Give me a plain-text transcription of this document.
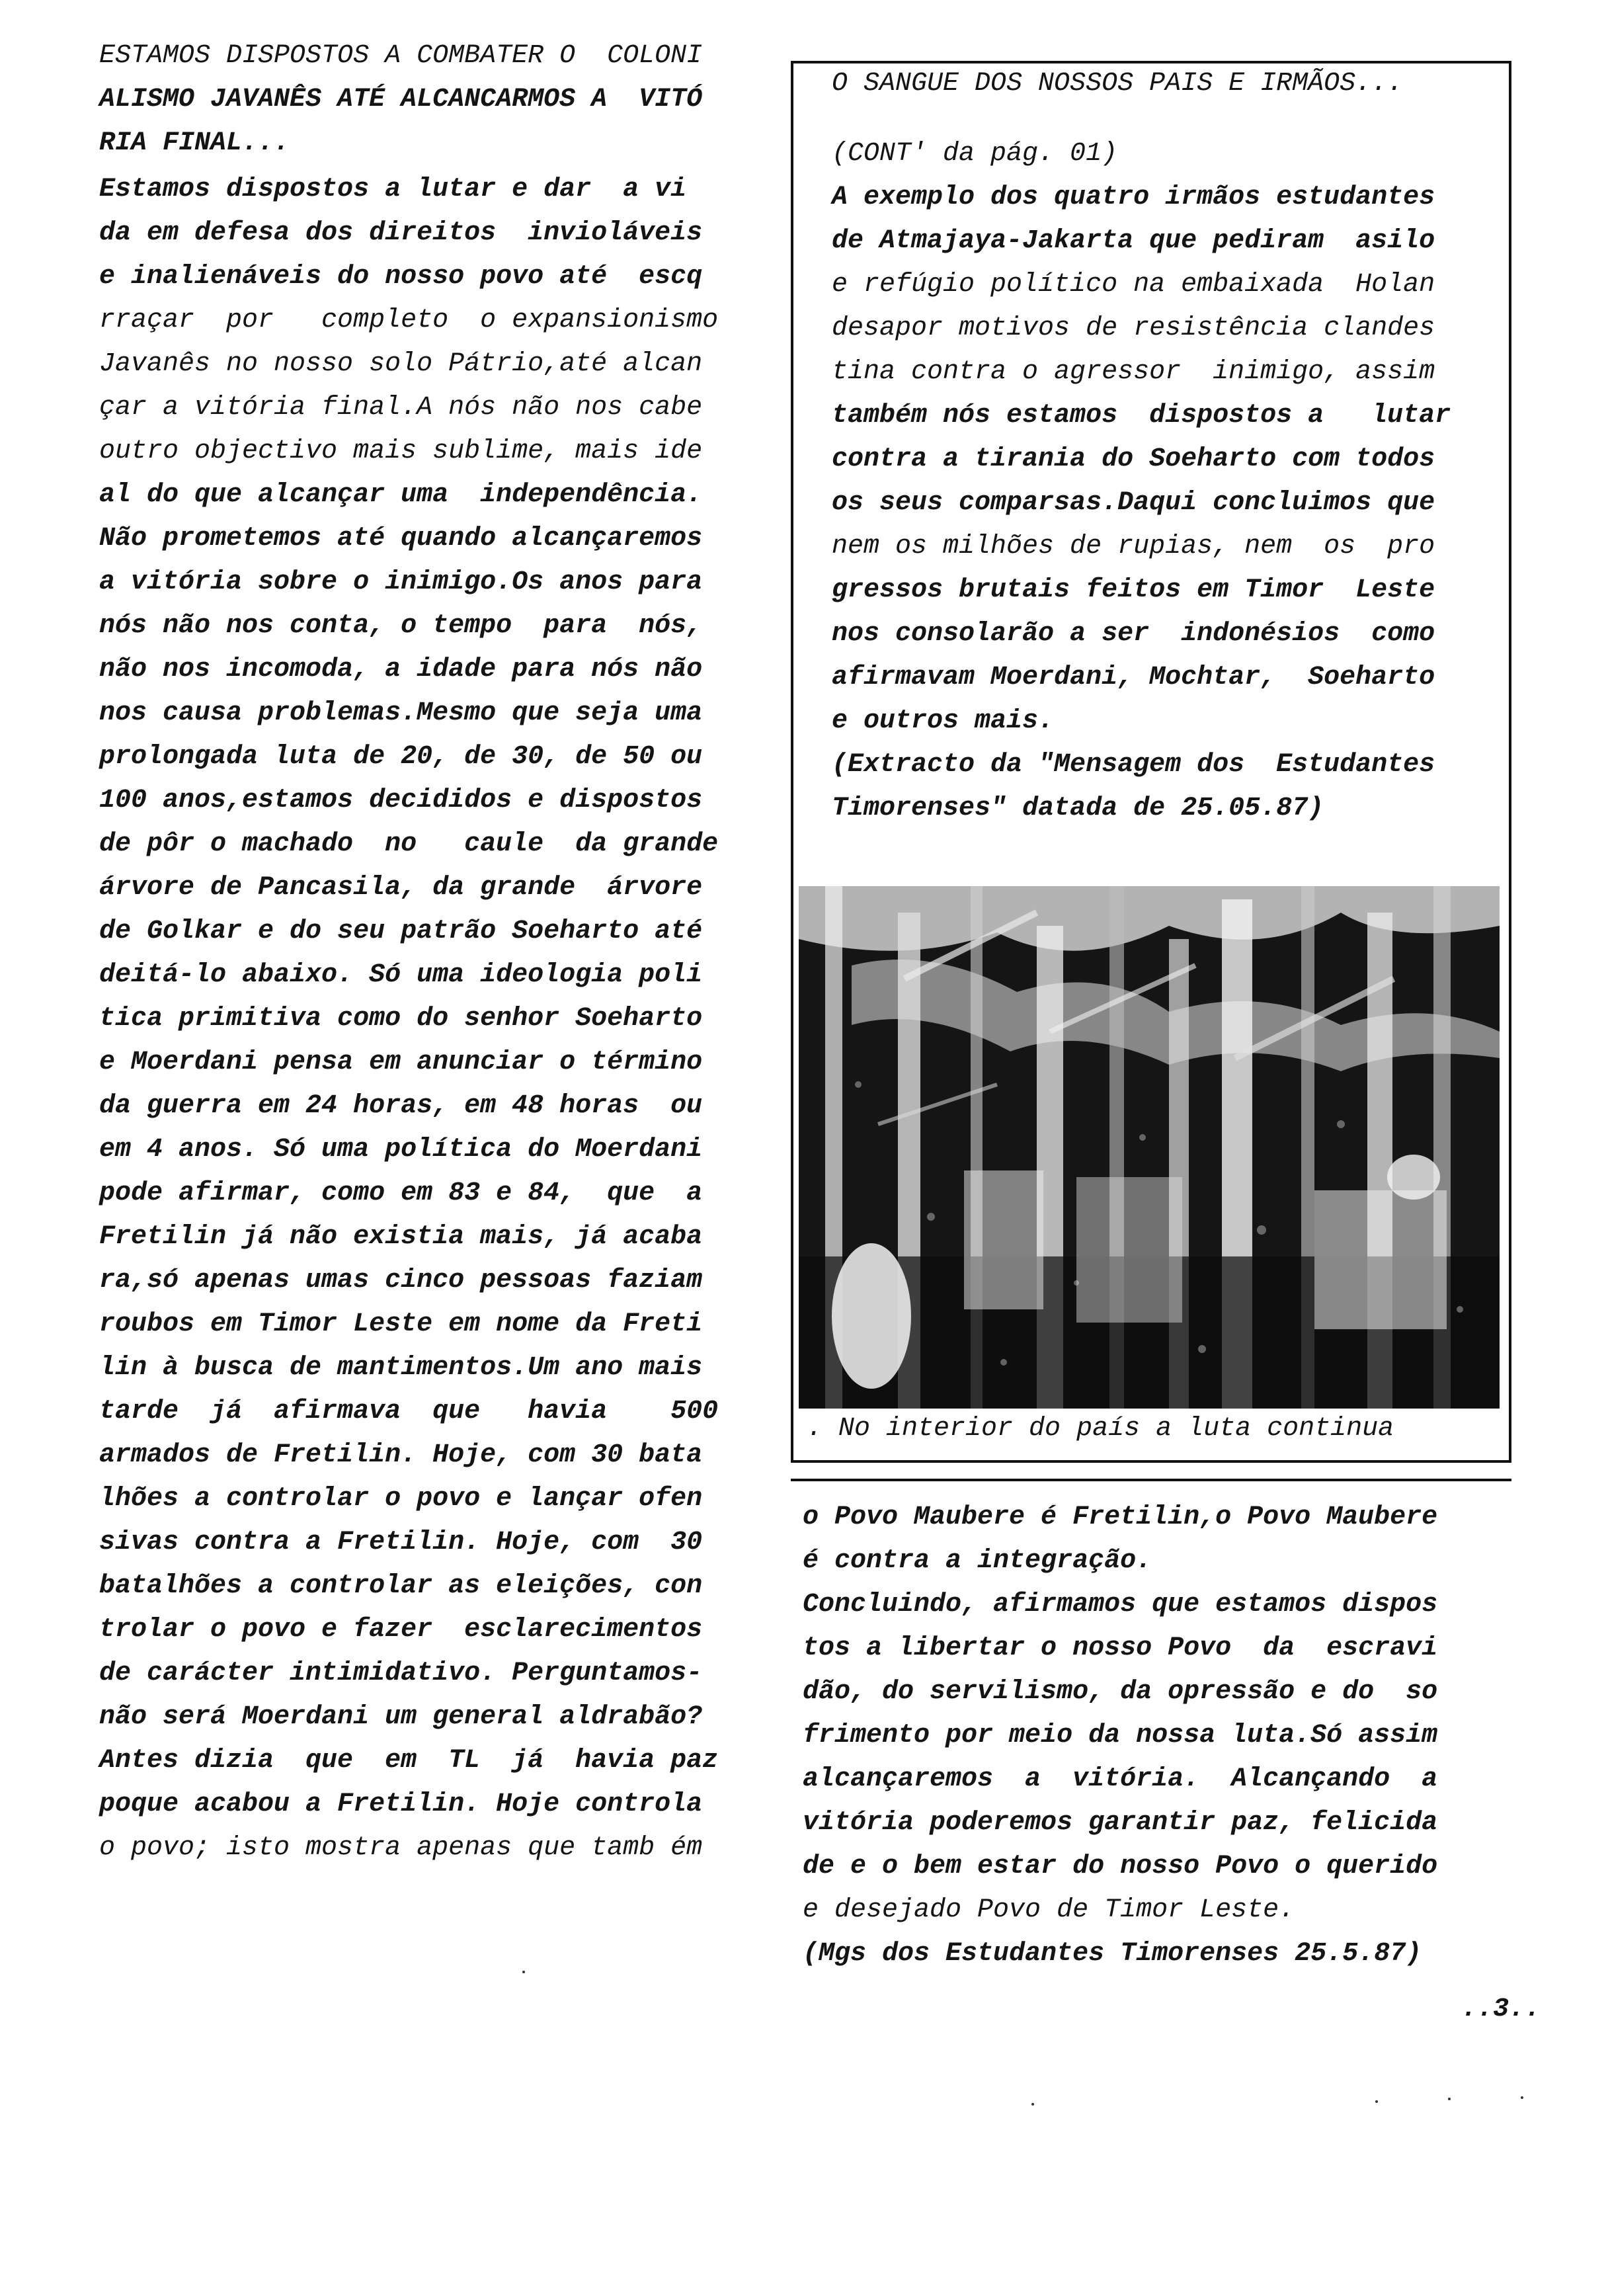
ESTAMOS DISPOSTOS A COMBATER O  COLONI
ALISMO JAVANÊS ATÉ ALCANCARMOS A  VITÓ
RIA FINAL...
Estamos dispostos a lutar e dar  a vi
da em defesa dos direitos  invioláveis
e inalienáveis do nosso povo até  escq
rraçar  por   completo  o expansionismo
Javanês no nosso solo Pátrio,até alcan
çar a vitória final.A nós não nos cabe
outro objectivo mais sublime, mais ide
al do que alcançar uma  independência.
Não prometemos até quando alcançaremos
a vitória sobre o inimigo.Os anos para
nós não nos conta, o tempo  para  nós,
não nos incomoda, a idade para nós não
nos causa problemas.Mesmo que seja uma
prolongada luta de 20, de 30, de 50 ou
100 anos,estamos decididos e dispostos
de pôr o machado  no   caule  da grande
árvore de Pancasila, da grande  árvore
de Golkar e do seu patrão Soeharto até
deitá-lo abaixo. Só uma ideologia poli
tica primitiva como do senhor Soeharto
e Moerdani pensa em anunciar o término
da guerra em 24 horas, em 48 horas  ou
em 4 anos. Só uma política do Moerdani
pode afirmar, como em 83 e 84,  que  a
Fretilin já não existia mais, já acaba
ra,só apenas umas cinco pessoas faziam
roubos em Timor Leste em nome da Freti
lin à busca de mantimentos.Um ano mais
tarde  já  afirmava  que   havia    500
armados de Fretilin. Hoje, com 30 bata
lhões a controlar o povo e lançar ofen
sivas contra a Fretilin. Hoje, com  30
batalhões a controlar as eleições, con
trolar o povo e fazer  esclarecimentos
de carácter intimidativo. Perguntamos-
não será Moerdani um general aldrabão?
Antes dizia  que  em  TL  já  havia paz
poque acabou a Fretilin. Hoje controla
o povo; isto mostra apenas que tamb ém
O SANGUE DOS NOSSOS PAIS E IRMÃOS...
(CONT' da pág. 01)
A exemplo dos quatro irmãos estudantes
de Atmajaya-Jakarta que pediram  asilo
e refúgio político na embaixada  Holan
desapor motivos de resistência clandes
tina contra o agressor  inimigo, assim
também nós estamos  dispostos a   lutar
contra a tirania do Soeharto com todos
os seus comparsas.Daqui concluimos que
nem os milhões de rupias, nem  os  pro
gressos brutais feitos em Timor  Leste
nos consolarão a ser  indonésios  como
afirmavam Moerdani, Mochtar,  Soeharto
e outros mais.
(Extracto da "Mensagem dos  Estudantes
Timorenses" datada de 25.05.87)
. No interior do país a luta continua
o Povo Maubere é Fretilin,o Povo Maubere
é contra a integração.
Concluindo, afirmamos que estamos dispos
tos a libertar o nosso Povo  da  escravi
dão, do servilismo, da opressão e do  so
frimento por meio da nossa luta.Só assim
alcançaremos  a  vitória.  Alcançando  a
vitória poderemos garantir paz, felicida
de e o bem estar do nosso Povo o querido
e desejado Povo de Timor Leste.
(Mgs dos Estudantes Timorenses 25.5.87)
..3..
